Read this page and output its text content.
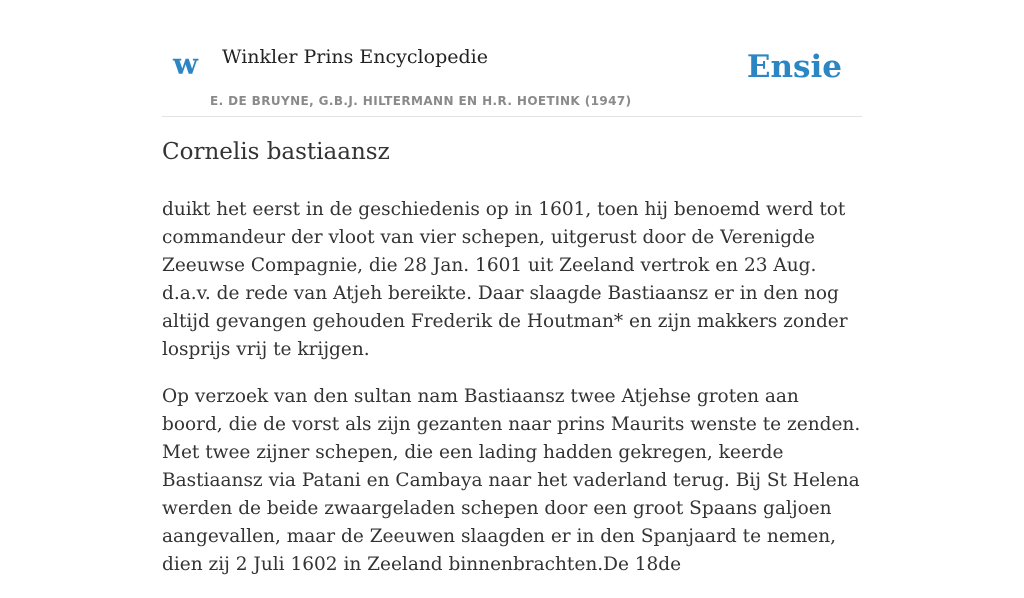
w Winkler Prins Encyclopedie
E. DE BRUYNE, G.B.J. HILTERMANN EN H.R. HOETINK (1947)
Ensie
Cornelis bastiaansz

duikt het eerst in de geschiedenis op in 1601, toen hij benoemd werd tot commandeur der vloot van vier schepen, uitgerust door de Verenigde Zeeuwse Compagnie, die 28 Jan. 1601 uit Zeeland vertrok en 23 Aug. d.a.v. de rede van Atjeh bereikte. Daar slaagde Bastiaansz er in den nog altijd gevangen gehouden Frederik de Houtman* en zijn makkers zonder losprijs vrij te krijgen.

Op verzoek van den sultan nam Bastiaansz twee Atjehse groten aan boord, die de vorst als zijn gezanten naar prins Maurits wenste te zenden. Met twee zijner schepen, die een lading hadden gekregen, keerde Bastiaansz via Patani en Cambaya naar het vaderland terug. Bij St Helena werden de beide zwaargeladen schepen door een groot Spaans galjoen aangevallen, maar de Zeeuwen slaagden er in den Spanjaard te nemen, dien zij 2 Juli 1602 in Zeeland binnenbrachten.De 18de
